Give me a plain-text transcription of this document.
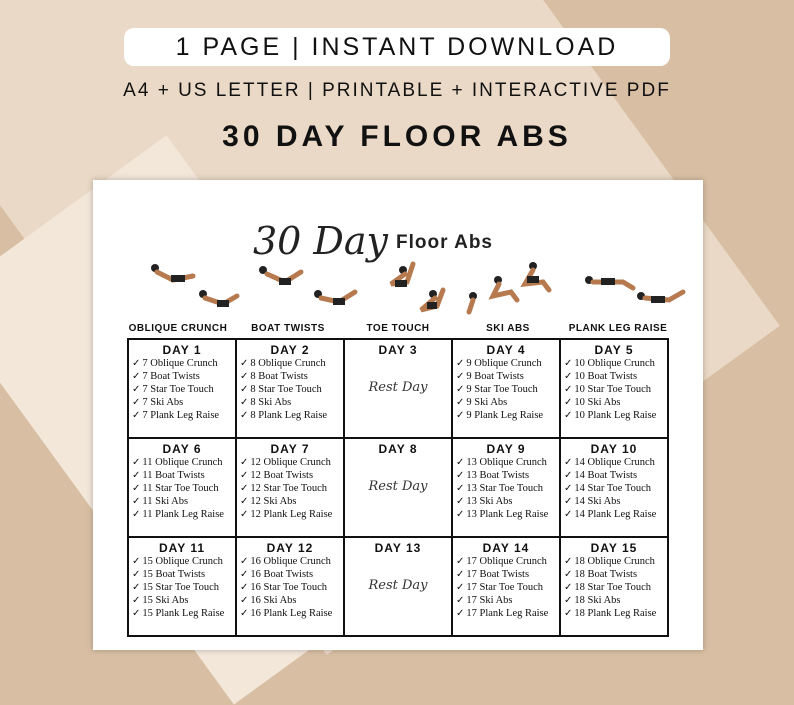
1 PAGE | INSTANT DOWNLOAD
A4 + US LETTER | PRINTABLE + INTERACTIVE PDF
30 DAY FLOOR ABS
30 Day Floor Abs
OBLIQUE CRUNCH	BOAT TWISTS	TOE TOUCH	SKI ABS	PLANK LEG RAISE
DAY 1
✓ 7 Oblique Crunch
✓ 7 Boat Twists
✓ 7 Star Toe Touch
✓ 7 Ski Abs
✓ 7 Plank Leg Raise
DAY 2
✓ 8 Oblique Crunch
✓ 8 Boat Twists
✓ 8 Star Toe Touch
✓ 8 Ski Abs
✓ 8 Plank Leg Raise
DAY 3
Rest Day
DAY 4
✓ 9 Oblique Crunch
✓ 9 Boat Twists
✓ 9 Star Toe Touch
✓ 9 Ski Abs
✓ 9 Plank Leg Raise
DAY 5
✓ 10 Oblique Crunch
✓ 10 Boat Twists
✓ 10 Star Toe Touch
✓ 10 Ski Abs
✓ 10 Plank Leg Raise
DAY 6
✓ 11 Oblique Crunch
✓ 11 Boat Twists
✓ 11 Star Toe Touch
✓ 11 Ski Abs
✓ 11 Plank Leg Raise
DAY 7
✓ 12 Oblique Crunch
✓ 12 Boat Twists
✓ 12 Star Toe Touch
✓ 12 Ski Abs
✓ 12 Plank Leg Raise
DAY 8
Rest Day
DAY 9
✓ 13 Oblique Crunch
✓ 13 Boat Twists
✓ 13 Star Toe Touch
✓ 13 Ski Abs
✓ 13 Plank Leg Raise
DAY 10
✓ 14 Oblique Crunch
✓ 14 Boat Twists
✓ 14 Star Toe Touch
✓ 14 Ski Abs
✓ 14 Plank Leg Raise
DAY 11
✓ 15 Oblique Crunch
✓ 15 Boat Twists
✓ 15 Star Toe Touch
✓ 15 Ski Abs
✓ 15 Plank Leg Raise
DAY 12
✓ 16 Oblique Crunch
✓ 16 Boat Twists
✓ 16 Star Toe Touch
✓ 16 Ski Abs
✓ 16 Plank Leg Raise
DAY 13
Rest Day
DAY 14
✓ 17 Oblique Crunch
✓ 17 Boat Twists
✓ 17 Star Toe Touch
✓ 17 Ski Abs
✓ 17 Plank Leg Raise
DAY 15
✓ 18 Oblique Crunch
✓ 18 Boat Twists
✓ 18 Star Toe Touch
✓ 18 Ski Abs
✓ 18 Plank Leg Raise
